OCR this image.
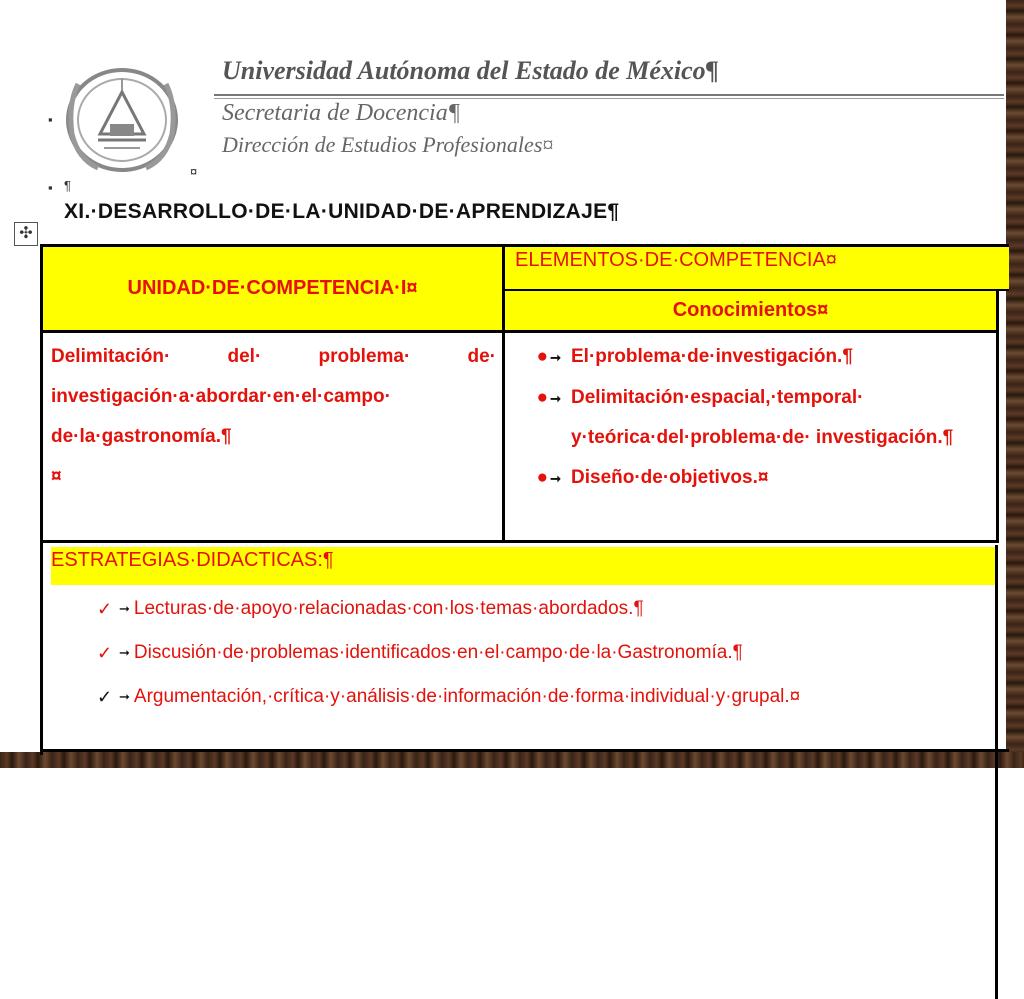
▪
¤
▪ ¶
Universidad Autónoma del Estado de México¶
Secretaria de Docencia¶
Dirección de Estudios Profesionales¤
XI.·DESARROLLO·DE·LA·UNIDAD·DE·APRENDIZAJE¶
✣
UNIDAD·DE·COMPETENCIA·I¤
ELEMENTOS·DE·COMPETENCIA¤
Conocimientos¤
Delimitación· del· problema· de· investigación·a·abordar·en·el·campo· de·la·gastronomía.¶
¤
● ➞ El·problema·de·investigación.¶
● ➞ Delimitación·espacial,·temporal· y·teórica·del·problema·de· investigación.¶
● ➞ Diseño·de·objetivos.¤
ESTRATEGIAS·DIDACTICAS:¶
✓ ➞ Lecturas·de·apoyo·relacionadas·con·los·temas·abordados.¶
✓ ➞ Discusión·de·problemas·identificados·en·el·campo·de·la·Gastronomía.¶
✓ ➞ Argumentación,·crítica·y·análisis·de·información·de·forma·individual·y·grupal.¤
